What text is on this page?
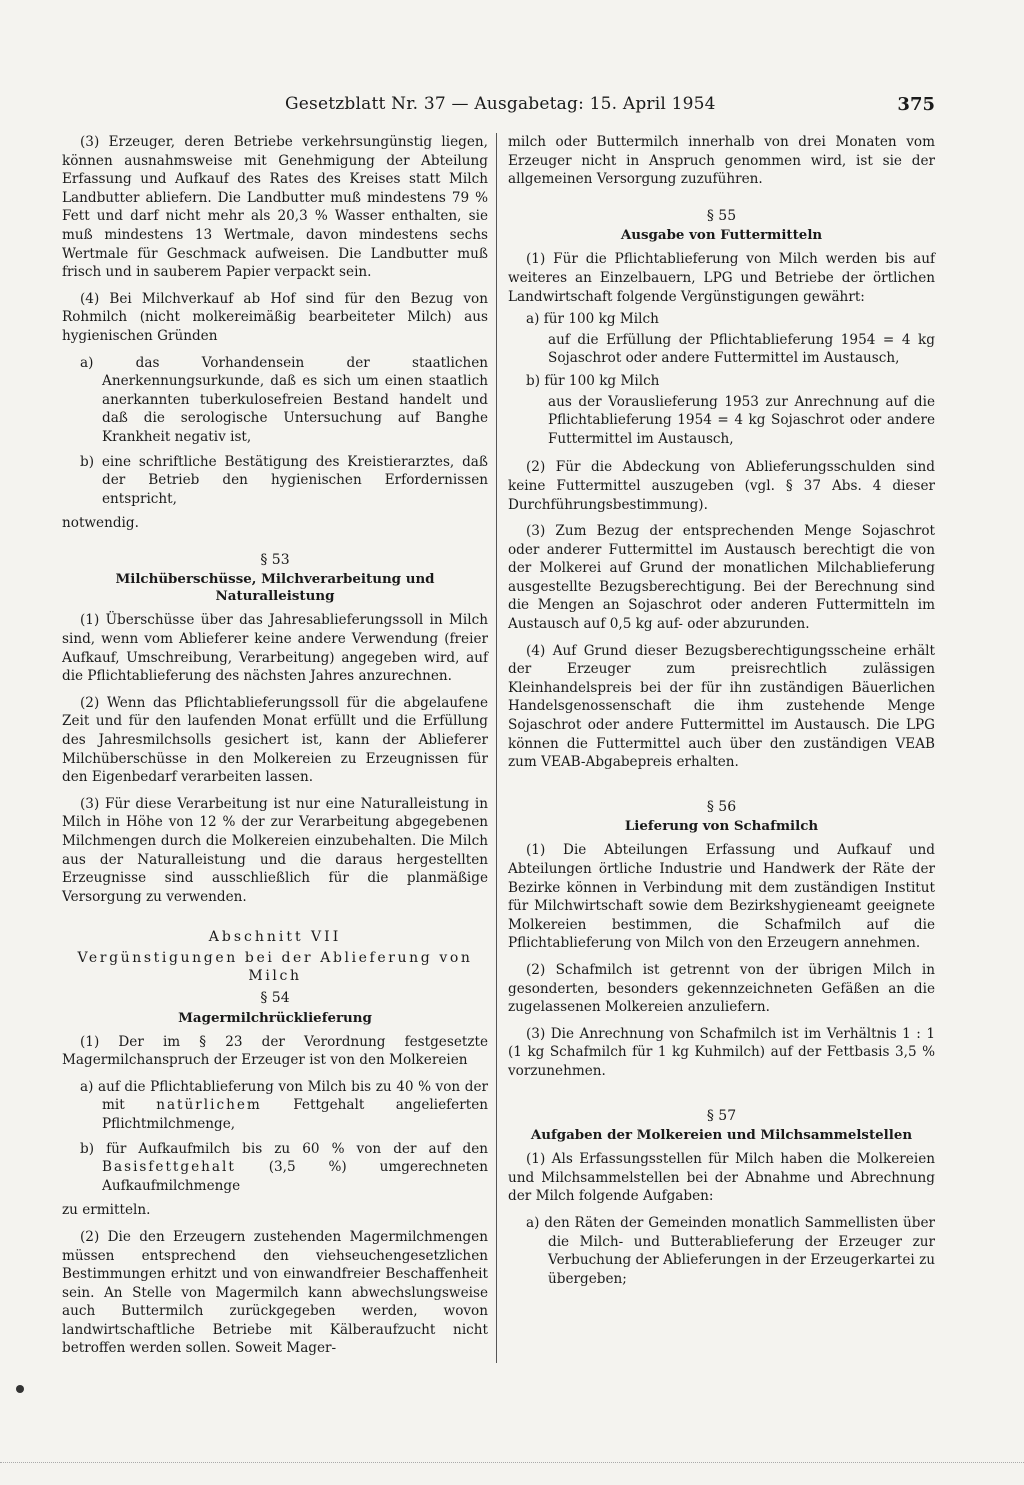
Gesetzblatt Nr. 37 — Ausgabetag: 15. April 1954	375

(3) Erzeuger, deren Betriebe verkehrsungünstig liegen, können ausnahmsweise mit Genehmigung der Abteilung Erfassung und Aufkauf des Rates des Kreises statt Milch Landbutter abliefern. Die Landbutter muß mindestens 79 % Fett und darf nicht mehr als 20,3 % Wasser enthalten, sie muß mindestens 13 Wertmale, davon mindestens sechs Wertmale für Geschmack aufweisen. Die Landbutter muß frisch und in sauberem Papier verpackt sein.

(4) Bei Milchverkauf ab Hof sind für den Bezug von Rohmilch (nicht molkereimäßig bearbeiteter Milch) aus hygienischen Gründen

a) das Vorhandensein der staatlichen Anerkennungsurkunde, daß es sich um einen staatlich anerkannten tuberkulosefreien Bestand handelt und daß die serologische Untersuchung auf Banghe Krankheit negativ ist,

b) eine schriftliche Bestätigung des Kreistierarztes, daß der Betrieb den hygienischen Erfordernissen entspricht,

notwendig.

§ 53
Milchüberschüsse, Milchverarbeitung und Naturalleistung

(1) Überschüsse über das Jahresablieferungssoll in Milch sind, wenn vom Ablieferer keine andere Verwendung (freier Aufkauf, Umschreibung, Verarbeitung) angegeben wird, auf die Pflichtablieferung des nächsten Jahres anzurechnen.

(2) Wenn das Pflichtablieferungssoll für die abgelaufene Zeit und für den laufenden Monat erfüllt und die Erfüllung des Jahresmilchsolls gesichert ist, kann der Ablieferer Milchüberschüsse in den Molkereien zu Erzeugnissen für den Eigenbedarf verarbeiten lassen.

(3) Für diese Verarbeitung ist nur eine Naturalleistung in Milch in Höhe von 12 % der zur Verarbeitung abgegebenen Milchmengen durch die Molkereien einzubehalten. Die Milch aus der Naturalleistung und die daraus hergestellten Erzeugnisse sind ausschließlich für die planmäßige Versorgung zu verwenden.

Abschnitt VII
Vergünstigungen bei der Ablieferung von Milch
§ 54
Magermilchrücklieferung

(1) Der im § 23 der Verordnung festgesetzte Magermilchanspruch der Erzeuger ist von den Molkereien

a) auf die Pflichtablieferung von Milch bis zu 40 % von der mit natürlichem Fettgehalt angelieferten Pflichtmilchmenge,

b) für Aufkaufmilch bis zu 60 % von der auf den Basisfettgehalt (3,5 %) umgerechneten Aufkaufmilchmenge

zu ermitteln.

(2) Die den Erzeugern zustehenden Magermilchmengen müssen entsprechend den viehseuchengesetzlichen Bestimmungen erhitzt und von einwandfreier Beschaffenheit sein. An Stelle von Magermilch kann abwechslungsweise auch Buttermilch zurückgegeben werden, wovon landwirtschaftliche Betriebe mit Kälberaufzucht nicht betroffen werden sollen. Soweit Mager-

milch oder Buttermilch innerhalb von drei Monaten vom Erzeuger nicht in Anspruch genommen wird, ist sie der allgemeinen Versorgung zuzuführen.

§ 55
Ausgabe von Futtermitteln

(1) Für die Pflichtablieferung von Milch werden bis auf weiteres an Einzelbauern, LPG und Betriebe der örtlichen Landwirtschaft folgende Vergünstigungen gewährt:

a) für 100 kg Milch

auf die Erfüllung der Pflichtablieferung 1954 = 4 kg Sojaschrot oder andere Futtermittel im Austausch,

b) für 100 kg Milch

aus der Vorauslieferung 1953 zur Anrechnung auf die Pflichtablieferung 1954 = 4 kg Sojaschrot oder andere Futtermittel im Austausch,

(2) Für die Abdeckung von Ablieferungsschulden sind keine Futtermittel auszugeben (vgl. § 37 Abs. 4 dieser Durchführungsbestimmung).

(3) Zum Bezug der entsprechenden Menge Sojaschrot oder anderer Futtermittel im Austausch berechtigt die von der Molkerei auf Grund der monatlichen Milchablieferung ausgestellte Bezugsberechtigung. Bei der Berechnung sind die Mengen an Sojaschrot oder anderen Futtermitteln im Austausch auf 0,5 kg auf- oder abzurunden.

(4) Auf Grund dieser Bezugsberechtigungsscheine erhält der Erzeuger zum preisrechtlich zulässigen Kleinhandelspreis bei der für ihn zuständigen Bäuerlichen Handelsgenossenschaft die ihm zustehende Menge Sojaschrot oder andere Futtermittel im Austausch. Die LPG können die Futtermittel auch über den zuständigen VEAB zum VEAB-Abgabepreis erhalten.

§ 56
Lieferung von Schafmilch

(1) Die Abteilungen Erfassung und Aufkauf und Abteilungen örtliche Industrie und Handwerk der Räte der Bezirke können in Verbindung mit dem zuständigen Institut für Milchwirtschaft sowie dem Bezirkshygieneamt geeignete Molkereien bestimmen, die Schafmilch auf die Pflichtablieferung von Milch von den Erzeugern annehmen.

(2) Schafmilch ist getrennt von der übrigen Milch in gesonderten, besonders gekennzeichneten Gefäßen an die zugelassenen Molkereien anzuliefern.

(3) Die Anrechnung von Schafmilch ist im Verhältnis 1 : 1 (1 kg Schafmilch für 1 kg Kuhmilch) auf der Fettbasis 3,5 % vorzunehmen.

§ 57
Aufgaben der Molkereien und Milchsammelstellen

(1) Als Erfassungsstellen für Milch haben die Molkereien und Milchsammelstellen bei der Abnahme und Abrechnung der Milch folgende Aufgaben:

a) den Räten der Gemeinden monatlich Sammellisten über die Milch- und Butterablieferung der Erzeuger zur Verbuchung der Ablieferungen in der Erzeugerkartei zu übergeben;
